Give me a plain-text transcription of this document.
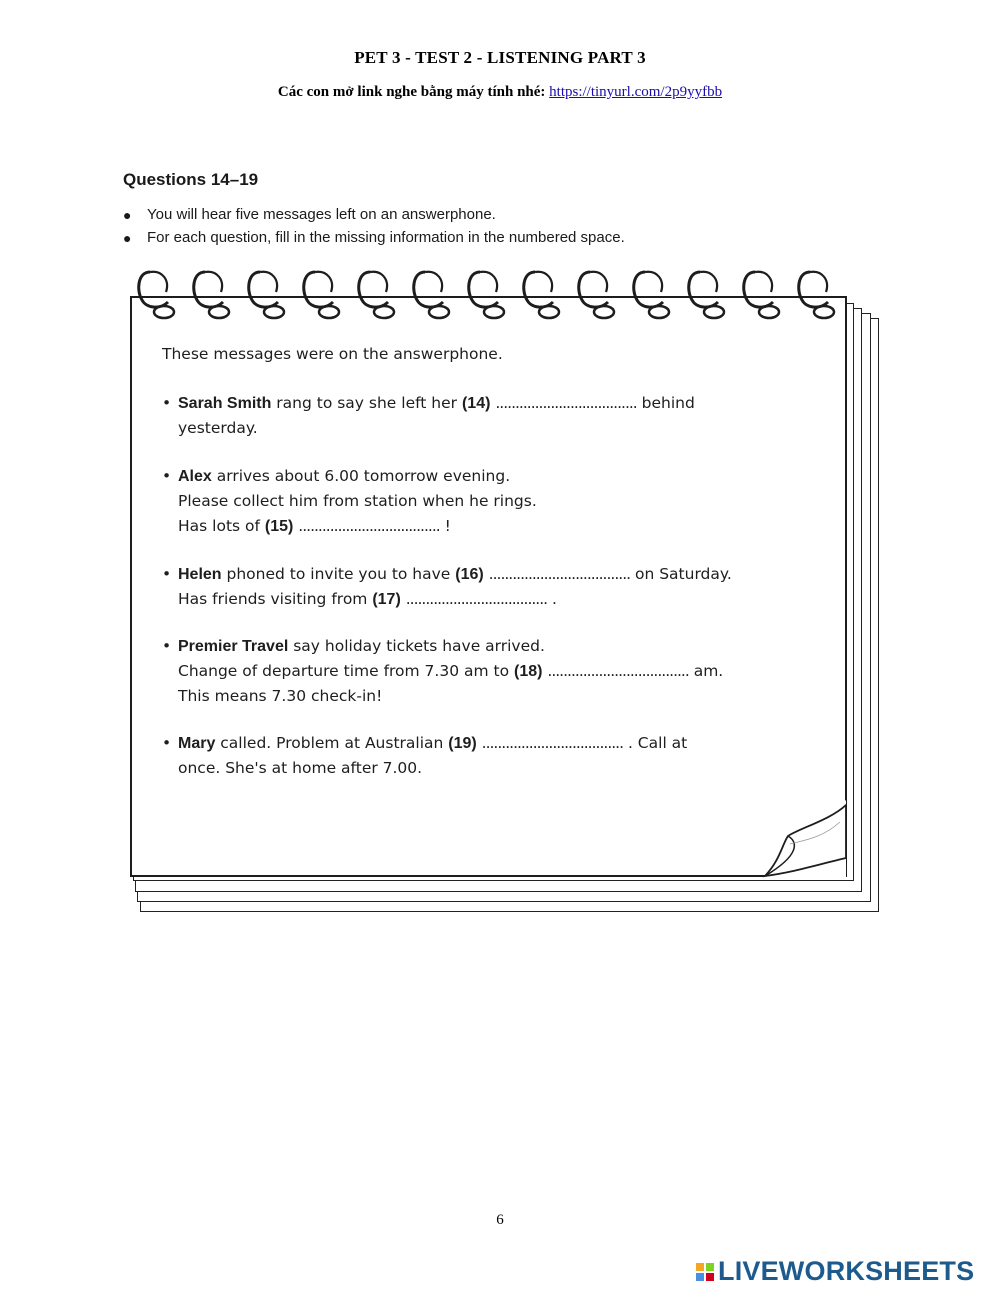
PET 3 - TEST 2 - LISTENING PART 3
Các con mở link nghe bằng máy tính nhé: https://tinyurl.com/2p9yyfbb
Questions 14–19
●	You will hear five messages left on an answerphone.
●	For each question, fill in the missing information in the numbered space.
These messages were on the answerphone.
• Sarah Smith rang to say she left her (14) .................................... behind
yesterday.
• Alex arrives about 6.00 tomorrow evening.
Please collect him from station when he rings.
Has lots of (15) .................................... !
• Helen phoned to invite you to have (16) .................................... on Saturday.
Has friends visiting from (17) .................................... .
• Premier Travel say holiday tickets have arrived.
Change of departure time from 7.30 am to (18) .................................... am.
This means 7.30 check-in!
• Mary called. Problem at Australian (19) .................................... . Call at
once. She's at home after 7.00.
6
LIVEWORKSHEETS
